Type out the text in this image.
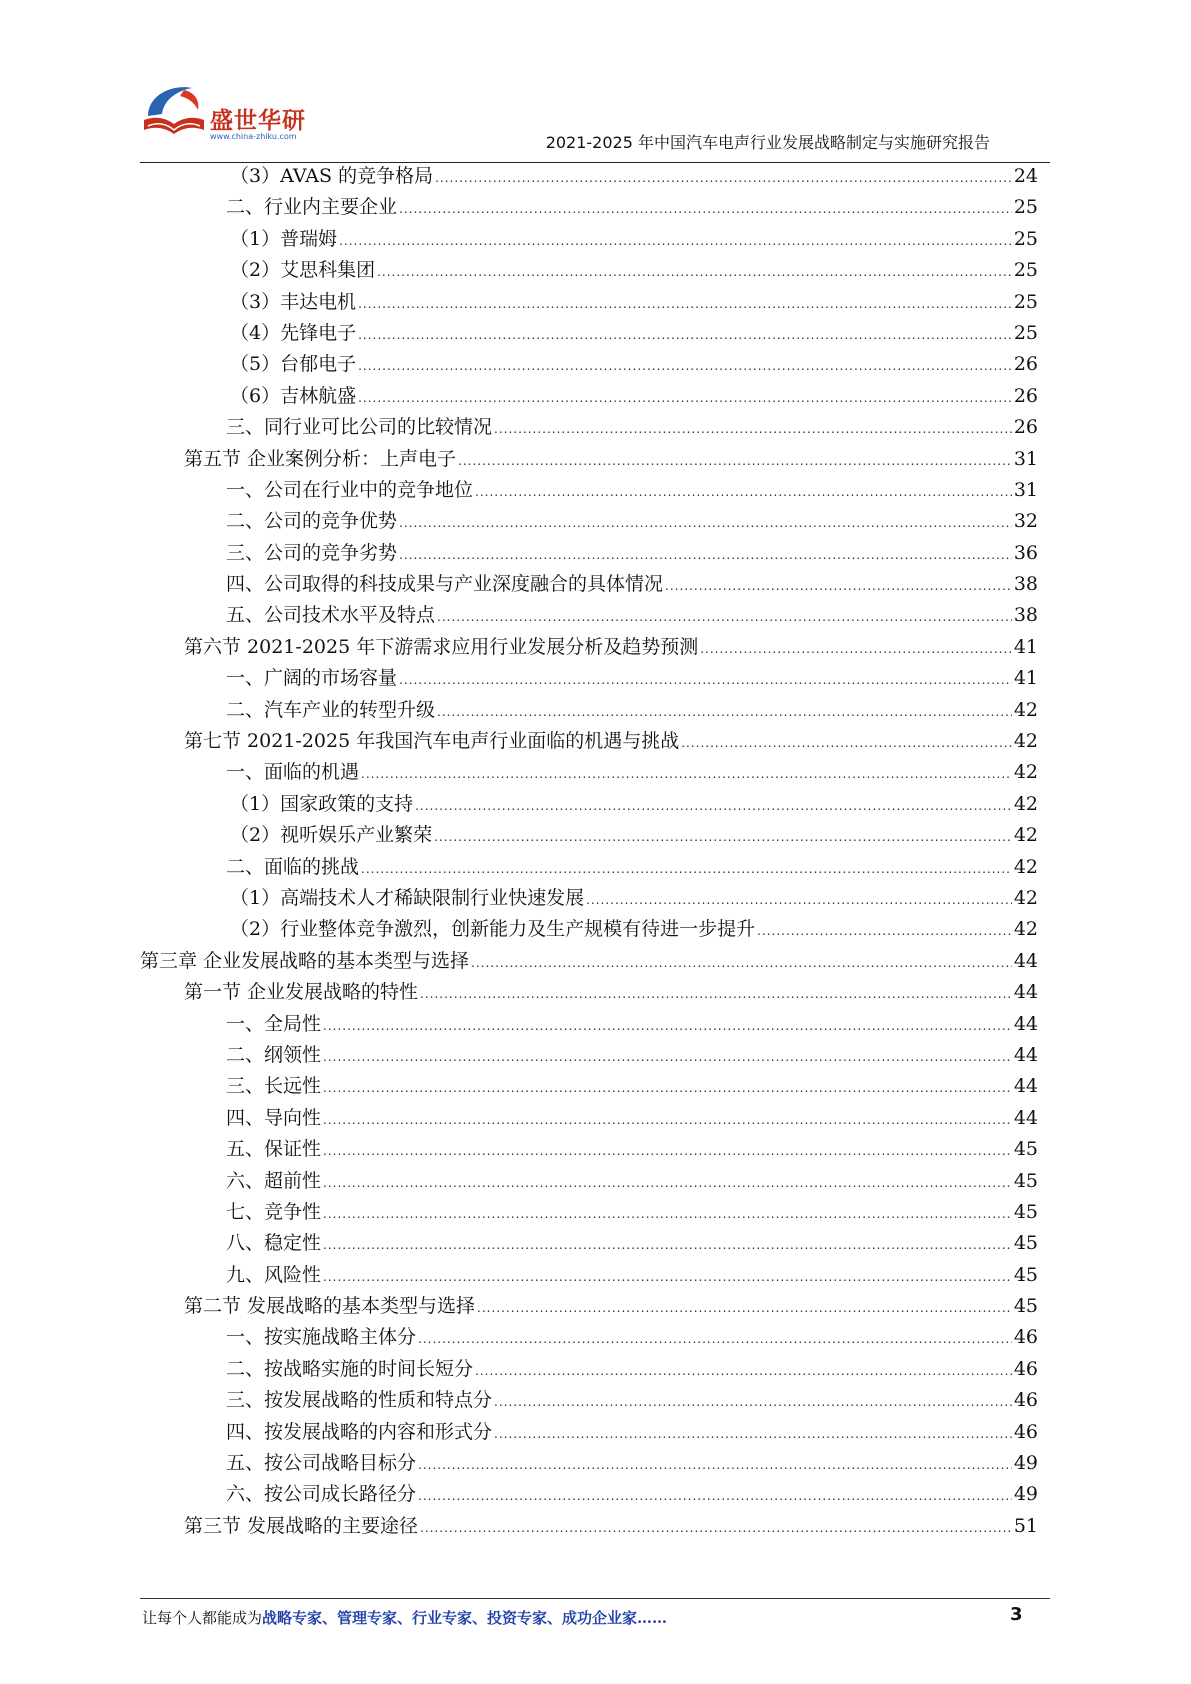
盛世华研
www.china-zhiku.com	2021-2025 年中国汽车电声行业发展战略制定与实施研究报告
（3）AVAS 的竞争格局 .....	24
二、行业内主要企业 .....	25
（1）普瑞姆 .....	25
（2）艾思科集团 .....	25
（3）丰达电机 .....	25
（4）先锋电子 .....	25
（5）台郁电子 .....	26
（6）吉林航盛 .....	26
三、同行业可比公司的比较情况 .....	26
第五节 企业案例分析：上声电子 .....	31
一、公司在行业中的竞争地位 .....	31
二、公司的竞争优势 .....	32
三、公司的竞争劣势 .....	36
四、公司取得的科技成果与产业深度融合的具体情况 .....	38
五、公司技术水平及特点 .....	38
第六节 2021-2025 年下游需求应用行业发展分析及趋势预测 .....	41
一、广阔的市场容量 .....	41
二、汽车产业的转型升级 .....	42
第七节 2021-2025 年我国汽车电声行业面临的机遇与挑战 .....	42
一、面临的机遇 .....	42
（1）国家政策的支持 .....	42
（2）视听娱乐产业繁荣 .....	42
二、面临的挑战 .....	42
（1）高端技术人才稀缺限制行业快速发展 .....	42
（2）行业整体竞争激烈，创新能力及生产规模有待进一步提升 .....	42
第三章 企业发展战略的基本类型与选择 .....	44
第一节 企业发展战略的特性 .....	44
一、全局性 .....	44
二、纲领性 .....	44
三、长远性 .....	44
四、导向性 .....	44
五、保证性 .....	45
六、超前性 .....	45
七、竞争性 .....	45
八、稳定性 .....	45
九、风险性 .....	45
第二节 发展战略的基本类型与选择 .....	45
一、按实施战略主体分 .....	46
二、按战略实施的时间长短分 .....	46
三、按发展战略的性质和特点分 .....	46
四、按发展战略的内容和形式分 .....	46
五、按公司战略目标分 .....	49
六、按公司成长路径分 .....	49
第三节 发展战略的主要途径 .....	51
让每个人都能成为战略专家、管理专家、行业专家、投资专家、成功企业家……	3
